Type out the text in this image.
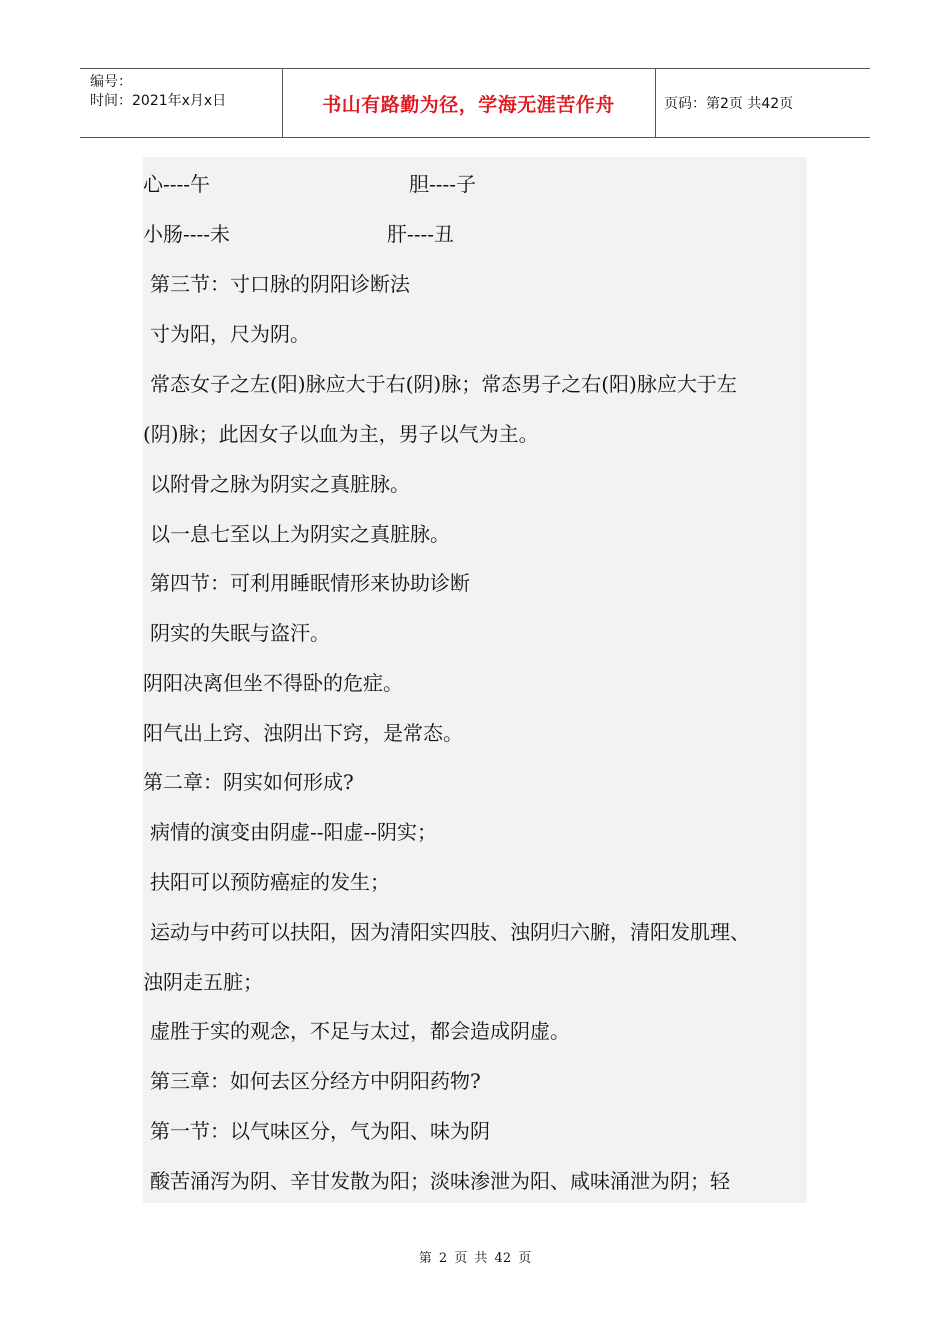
编号：
时间：2021年x月x日	书山有路勤为径，学海无涯苦作舟	页码：第2页 共42页
心----午	胆----子
小肠----未	肝----丑
第三节：寸口脉的阴阳诊断法
寸为阳，尺为阴。
常态女子之左(阳)脉应大于右(阴)脉；常态男子之右(阳)脉应大于左
(阴)脉；此因女子以血为主，男子以气为主。
以附骨之脉为阴实之真脏脉。
以一息七至以上为阴实之真脏脉。
第四节：可利用睡眠情形来协助诊断
阴实的失眠与盗汗。
阴阳决离但坐不得卧的危症。
阳气出上窍、浊阴出下窍，是常态。
第二章：阴实如何形成?
病情的演变由阴虚--阳虚--阴实；
扶阳可以预防癌症的发生；
运动与中药可以扶阳，因为清阳实四肢、浊阴归六腑，清阳发肌理、
浊阴走五脏；
虚胜于实的观念，不足与太过，都会造成阴虚。
第三章：如何去区分经方中阴阳药物?
第一节：以气味区分，气为阳、味为阴
酸苦涌泻为阴、辛甘发散为阳；淡味渗泄为阳、咸味涌泄为阴；轻
第 2 页 共 42 页
